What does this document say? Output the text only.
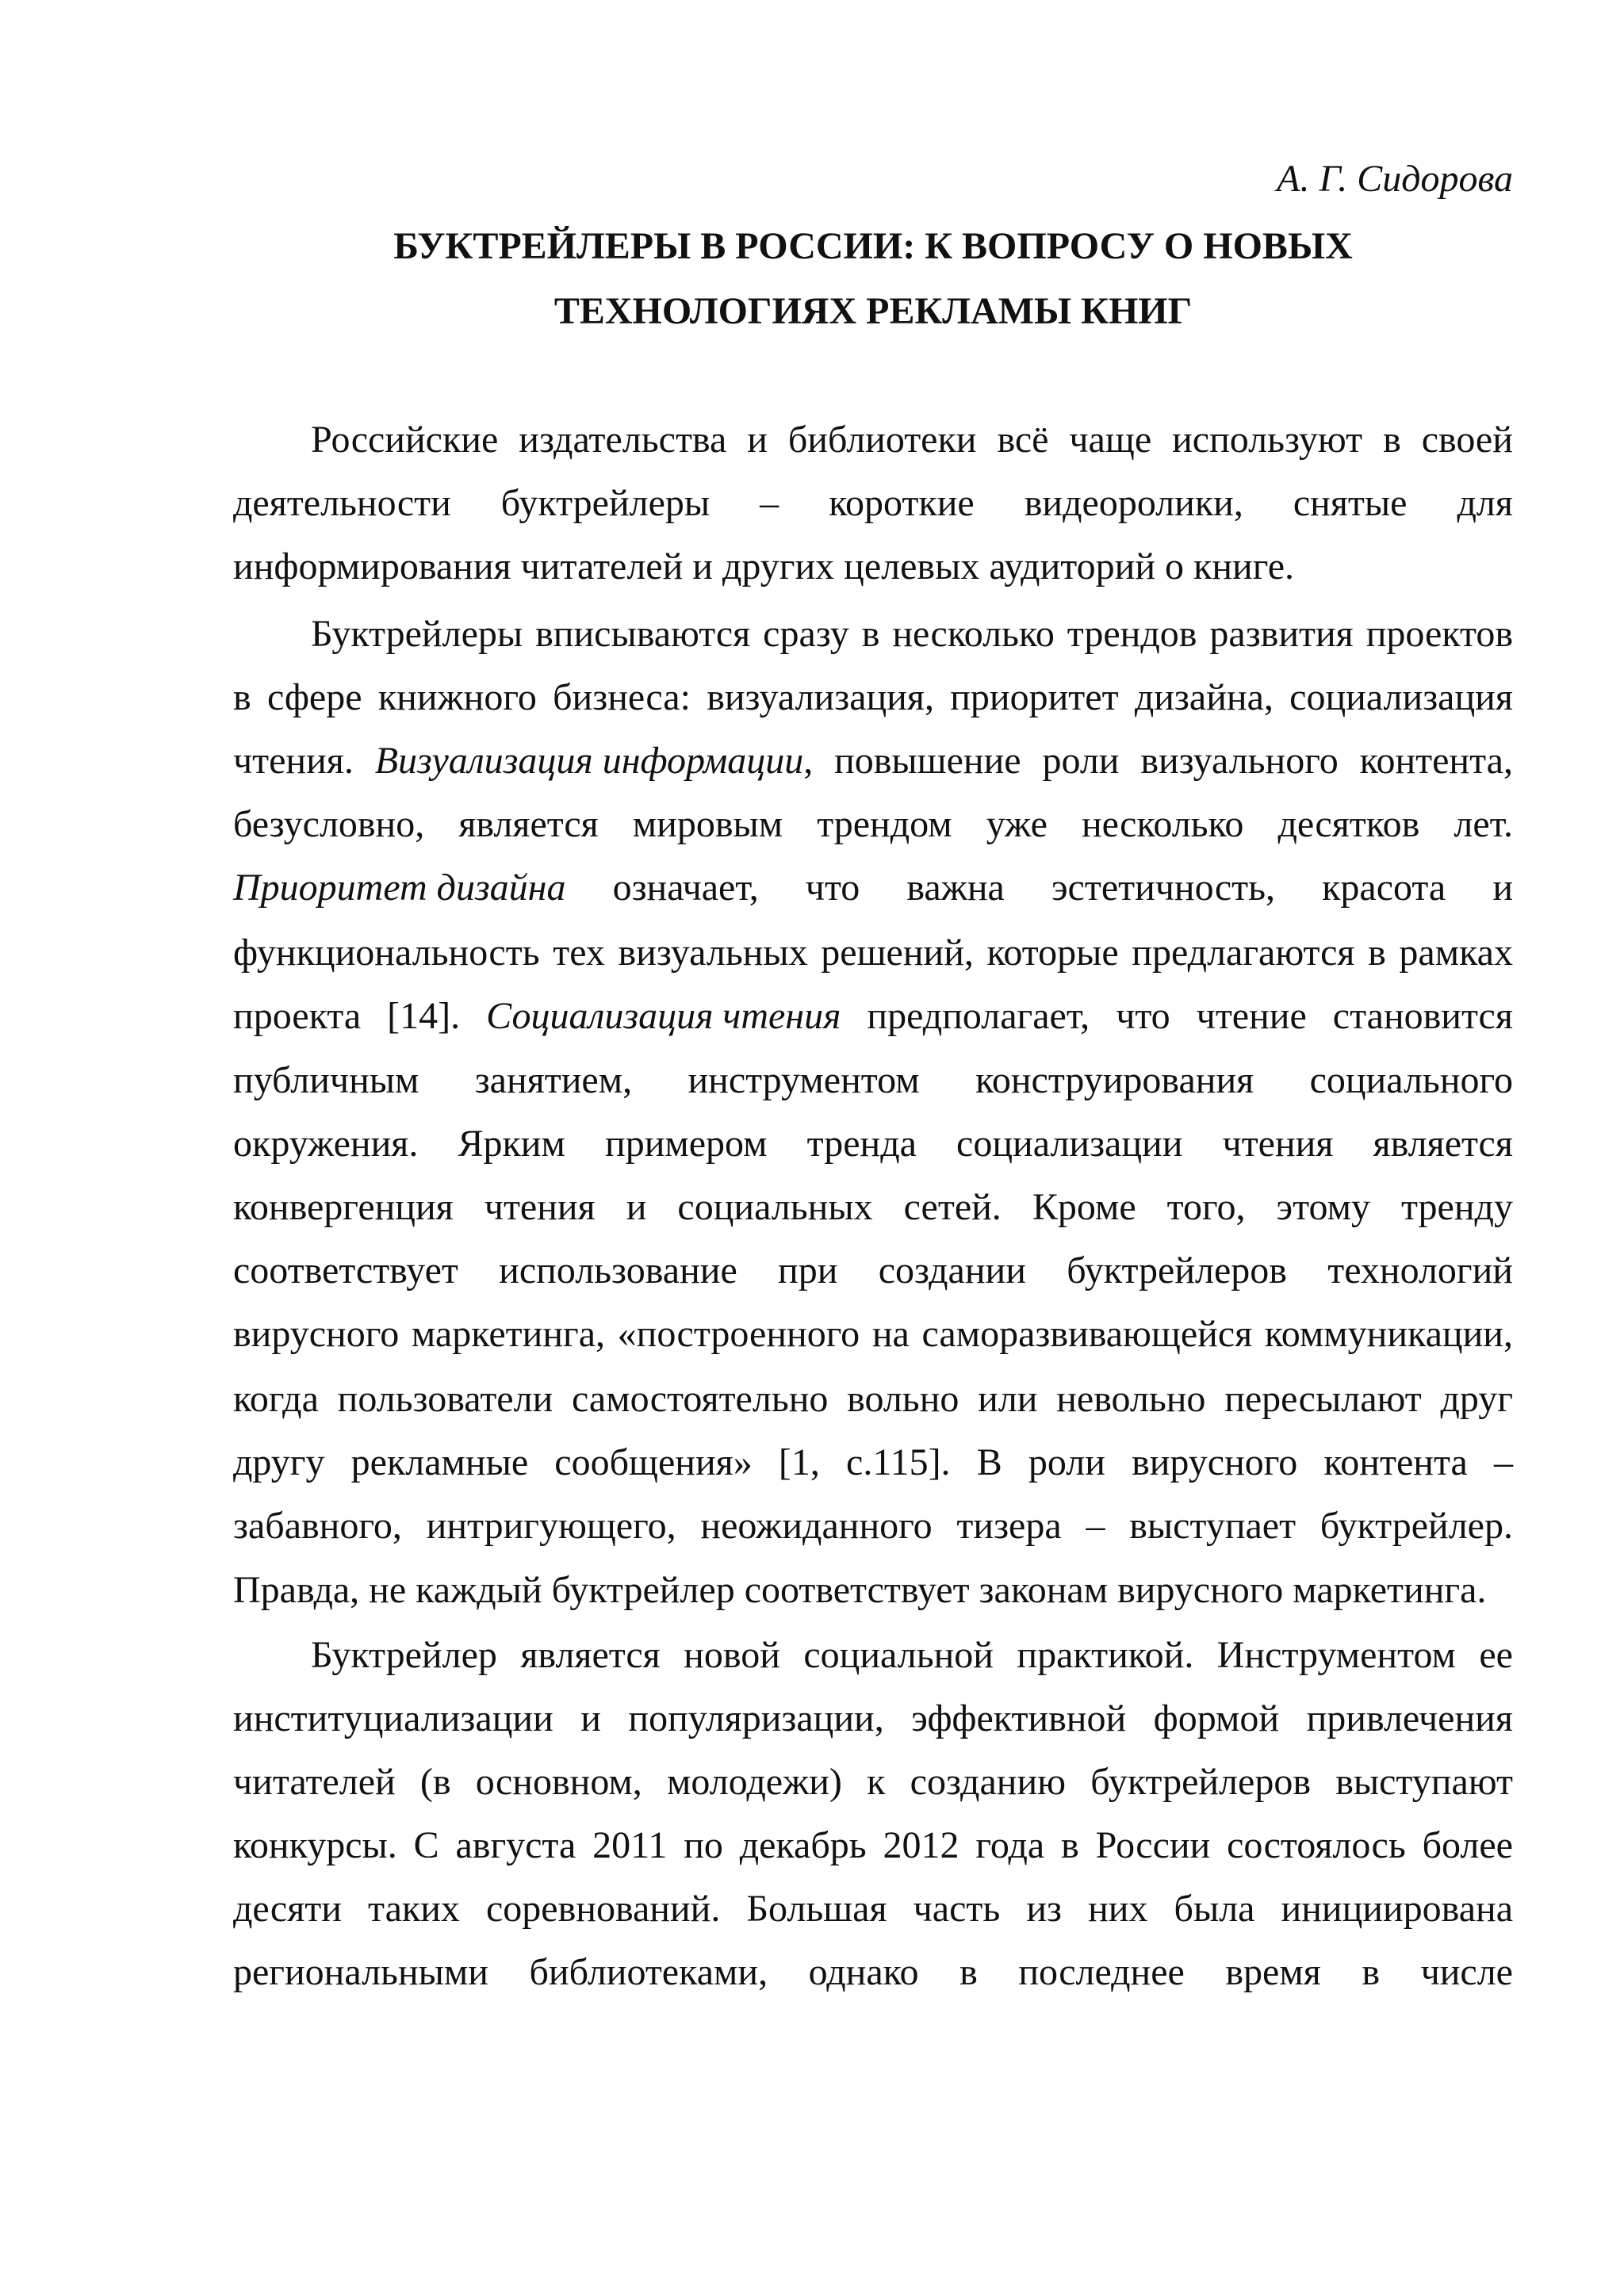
А. Г. Сидорова
БУКТРЕЙЛЕРЫ В РОССИИ: К ВОПРОСУ О НОВЫХ
ТЕХНОЛОГИЯХ РЕКЛАМЫ КНИГ
Российские издательства и библиотеки всё чаще используют в своей
деятельности буктрейлеры – короткие видеоролики, снятые для
информирования читателей и других целевых аудиторий о книге.
Буктрейлеры вписываются сразу в несколько трендов развития проектов
в сфере книжного бизнеса: визуализация, приоритет дизайна, социализация
чтения. Визуализация информации, повышение роли визуального контента,
безусловно, является мировым трендом уже несколько десятков лет.
Приоритет дизайна означает, что важна эстетичность, красота и
функциональность тех визуальных решений, которые предлагаются в рамках
проекта [14]. Социализация чтения предполагает, что чтение становится
публичным занятием, инструментом конструирования социального
окружения. Ярким примером тренда социализации чтения является
конвергенция чтения и социальных сетей. Кроме того, этому тренду
соответствует использование при создании буктрейлеров технологий
вирусного маркетинга, «построенного на саморазвивающейся коммуникации,
когда пользователи самостоятельно вольно или невольно пересылают друг
другу рекламные сообщения» [1, с.115]. В роли вирусного контента –
забавного, интригующего, неожиданного тизера – выступает буктрейлер.
Правда, не каждый буктрейлер соответствует законам вирусного маркетинга.
Буктрейлер является новой социальной практикой. Инструментом ее
институциализации и популяризации, эффективной формой привлечения
читателей (в основном, молодежи) к созданию буктрейлеров выступают
конкурсы. С августа 2011 по декабрь 2012 года в России состоялось более
десяти таких соревнований. Большая часть из них была инициирована
региональными библиотеками, однако в последнее время в числе
